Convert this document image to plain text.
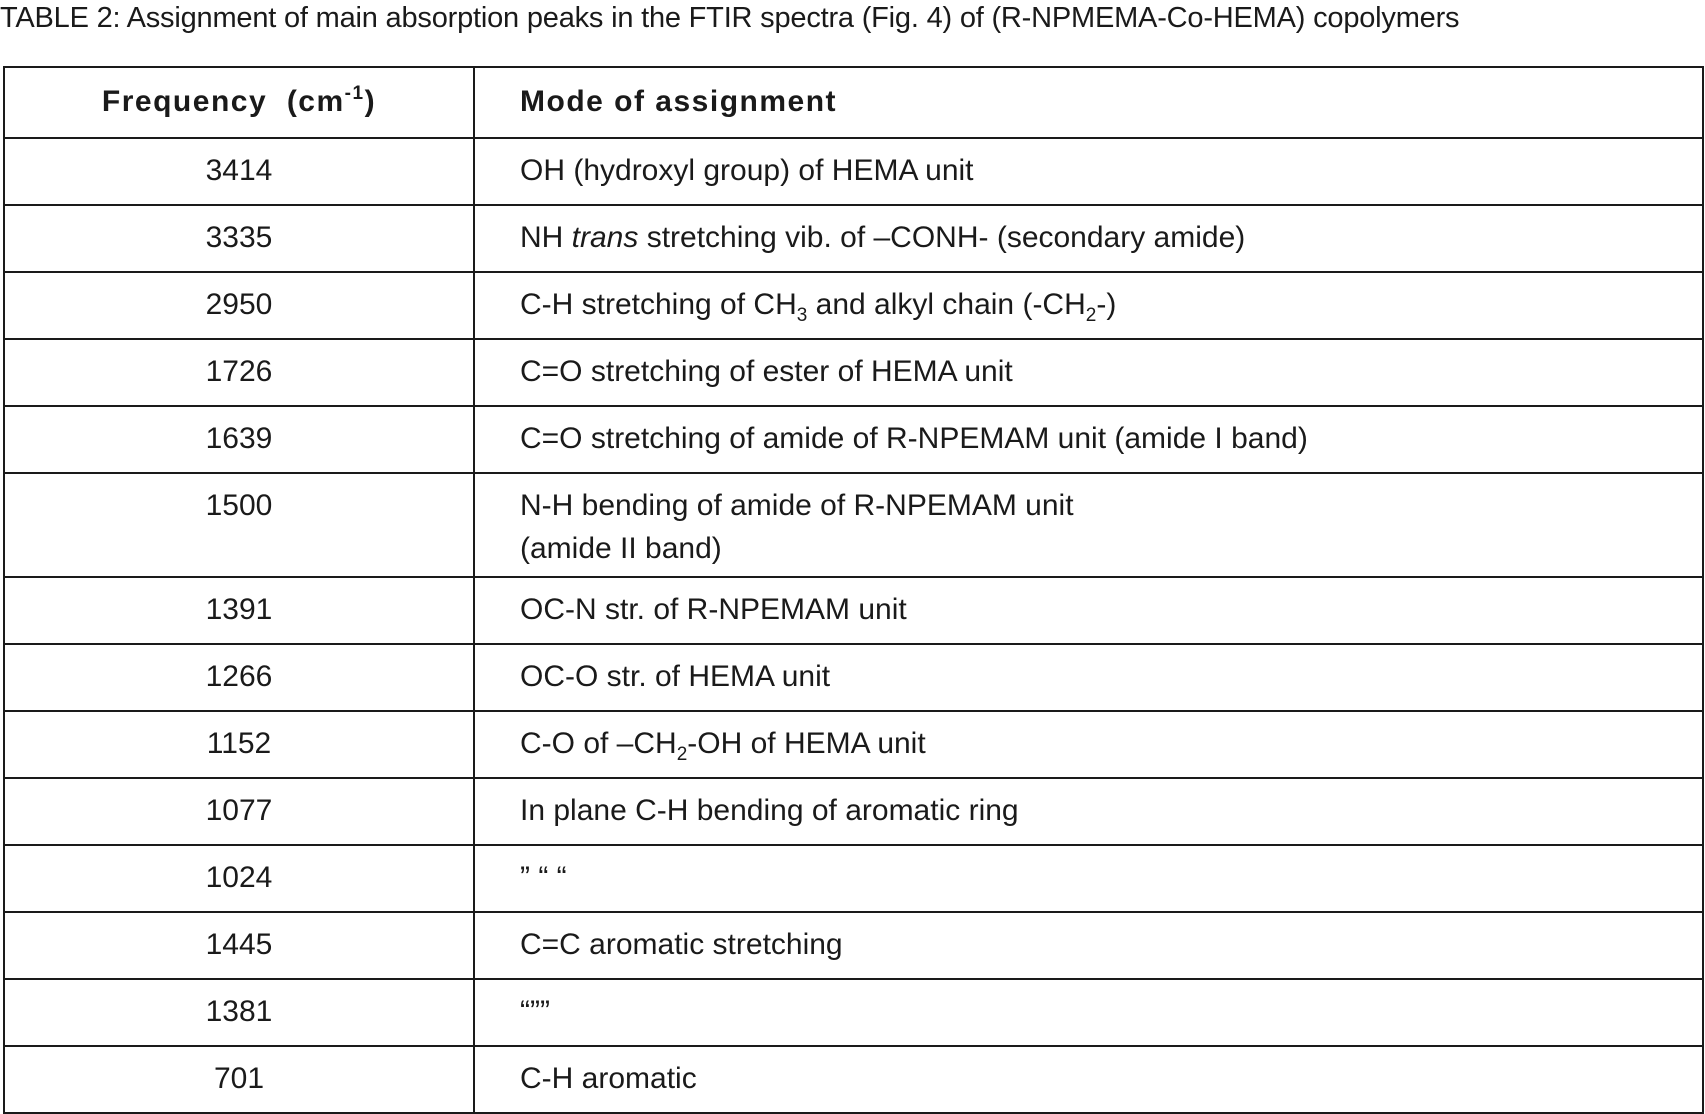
TABLE 2: Assignment of main absorption peaks in the FTIR spectra (Fig. 4) of (R-NPMEMA-Co-HEMA) copolymers
Frequency $(cm^{-1})$	Mode of assignment
3414	OH (hydroxyl group) of HEMA unit
3335	NH trans stretching vib. of –CONH- (secondary amide)
2950	C-H stretching of $CH_3$ and alkyl chain $(-CH_2-)$
1726	C=O stretching of ester of HEMA unit
1639	C=O stretching of amide of R-NPEMAM unit (amide I band)
1500	N-H bending of amide of R-NPEMAM unit
(amide II band)
1391	OC-N str. of R-NPEMAM unit
1266	OC-O str. of HEMA unit
1152	C-O of $-CH_2-OH$ of HEMA unit
1077	In plane C-H bending of aromatic ring
1024	” “ “
1445	C=C aromatic stretching
1381	“””
701	C-H aromatic
